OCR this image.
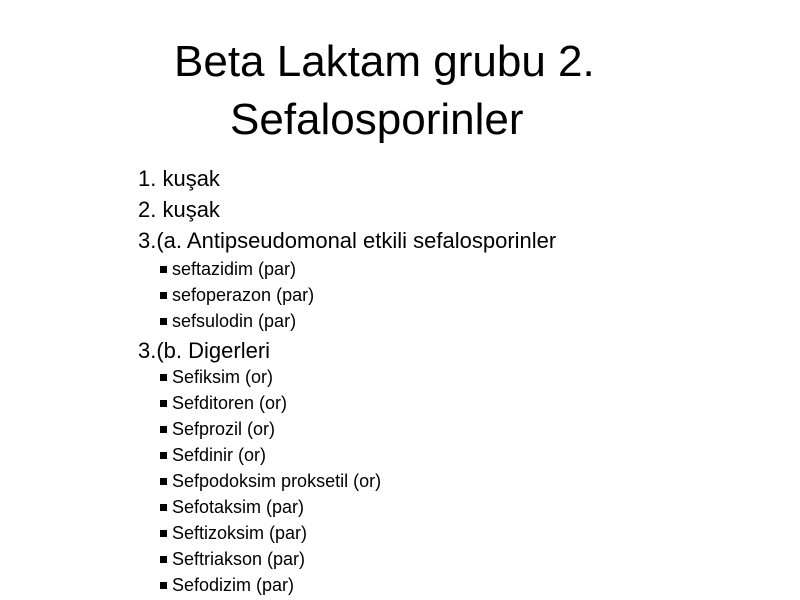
Beta Laktam grubu 2.
Sefalosporinler
1. kuşak
2. kuşak
3.(a. Antipseudomonal etkili sefalosporinler
seftazidim (par)
sefoperazon (par)
sefsulodin (par)
3.(b. Digerleri
Sefiksim (or)
Sefditoren (or)
Sefprozil (or)
Sefdinir (or)
Sefpodoksim proksetil (or)
Sefotaksim (par)
Seftizoksim (par)
Seftriakson (par)
Sefodizim (par)
